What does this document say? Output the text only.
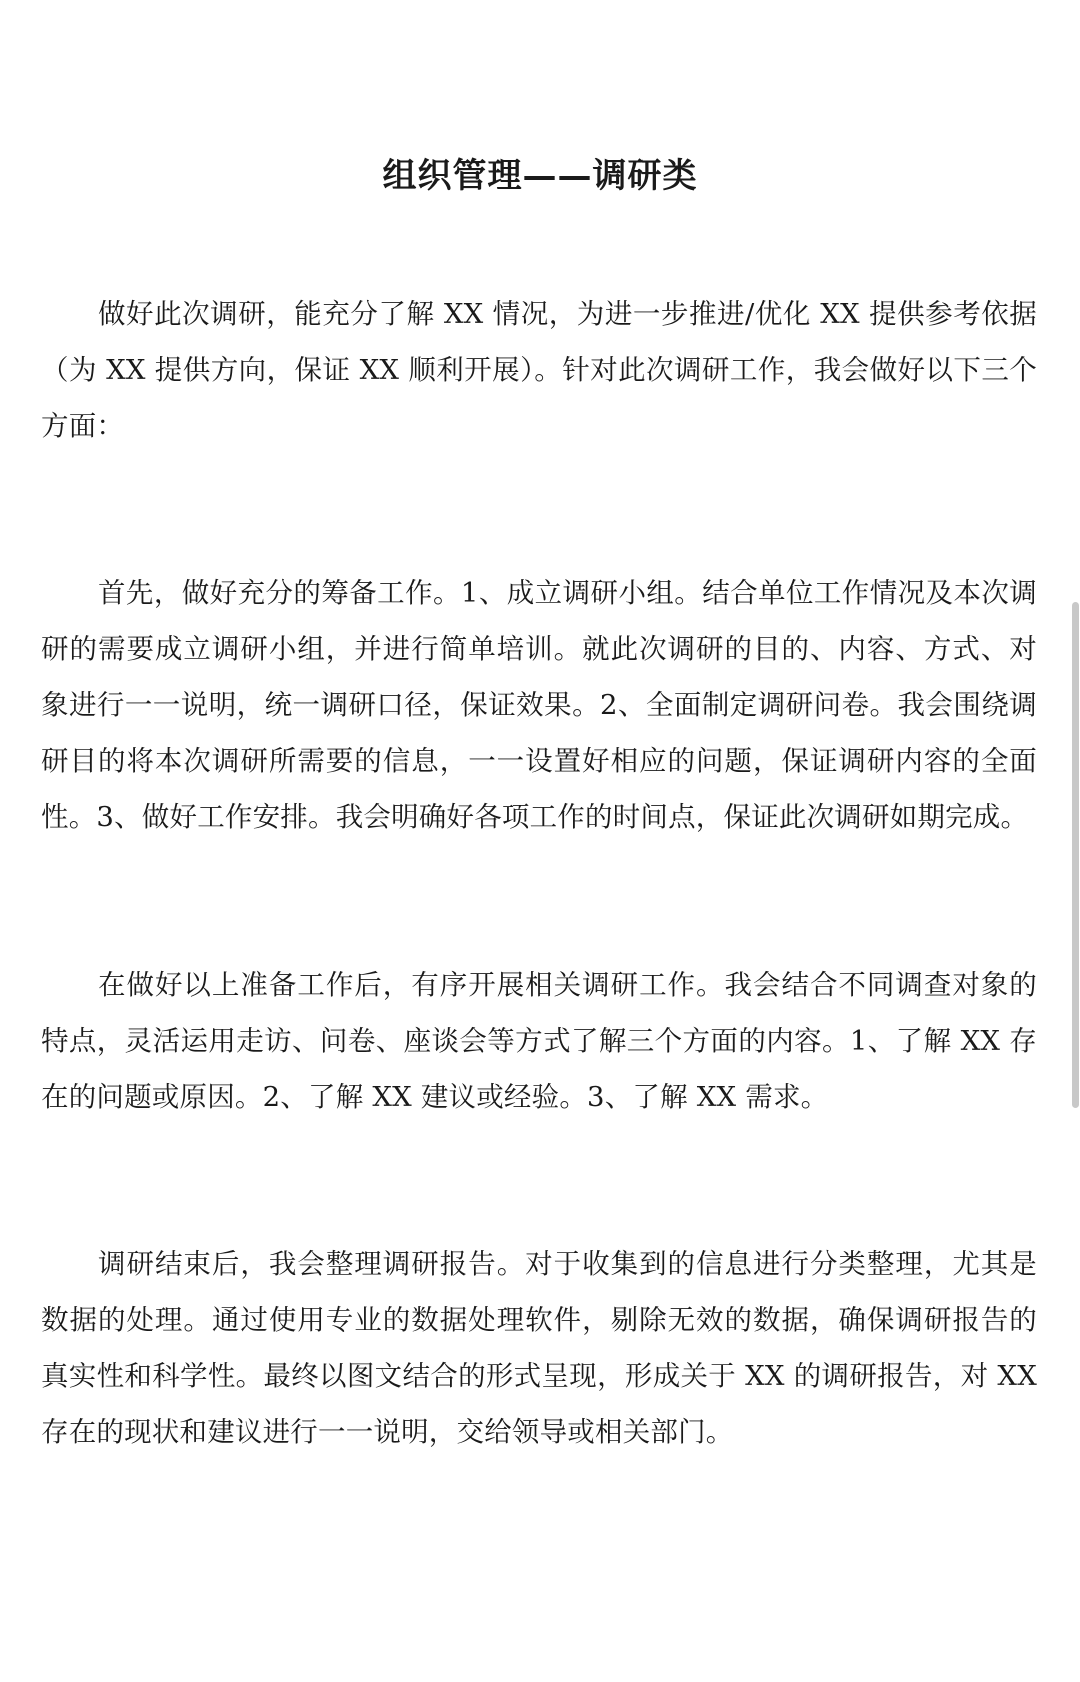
组织管理——调研类

做好此次调研，能充分了解 XX 情况，为进一步推进/优化 XX 提供参考依据（为 XX 提供方向，保证 XX 顺利开展）。针对此次调研工作，我会做好以下三个方面：

首先，做好充分的筹备工作。1、成立调研小组。结合单位工作情况及本次调研的需要成立调研小组，并进行简单培训。就此次调研的目的、内容、方式、对象进行一一说明，统一调研口径，保证效果。2、全面制定调研问卷。我会围绕调研目的将本次调研所需要的信息，一一设置好相应的问题，保证调研内容的全面性。3、做好工作安排。我会明确好各项工作的时间点，保证此次调研如期完成。

在做好以上准备工作后，有序开展相关调研工作。我会结合不同调查对象的特点，灵活运用走访、问卷、座谈会等方式了解三个方面的内容。1、了解 XX 存在的问题或原因。2、了解 XX 建议或经验。3、了解 XX 需求。

调研结束后，我会整理调研报告。对于收集到的信息进行分类整理，尤其是数据的处理。通过使用专业的数据处理软件，剔除无效的数据，确保调研报告的真实性和科学性。最终以图文结合的形式呈现，形成关于 XX 的调研报告，对 XX 存在的现状和建议进行一一说明，交给领导或相关部门。
